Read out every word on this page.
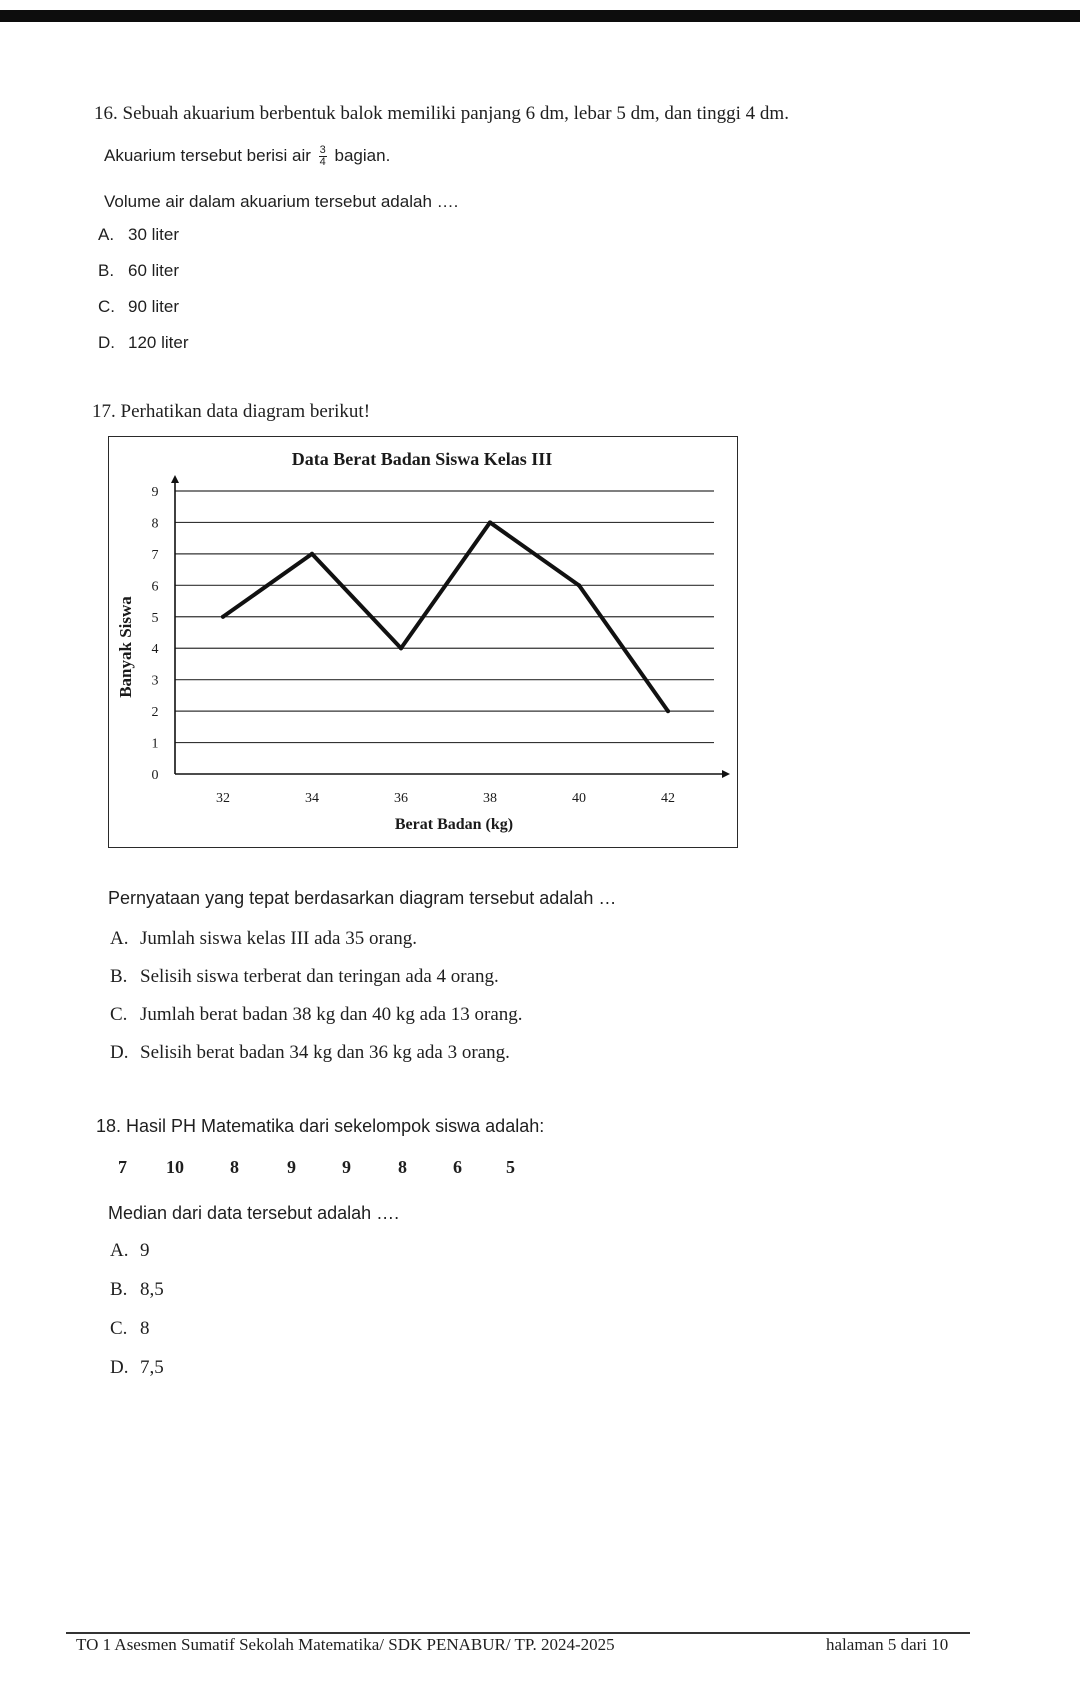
16. Sebuah akuarium berbentuk balok memiliki panjang 6 dm, lebar 5 dm, dan tinggi 4 dm.
Akuarium tersebut berisi air $\frac{3}{4}$ bagian.
Volume air dalam akuarium tersebut adalah ….
A. 30 liter
B. 60 liter
C. 90 liter
D. 120 liter
17. Perhatikan data diagram berikut!
Data Berat Badan Siswa Kelas III
0
1
2
3
4
5
6
7
8
9
32	34	36	38	40	42
Banyak Siswa
Berat Badan (kg)
Pernyataan yang tepat berdasarkan diagram tersebut adalah …
A. Jumlah siswa kelas III ada 35 orang.
B. Selisih siswa terberat dan teringan ada 4 orang.
C. Jumlah berat badan 38 kg dan 40 kg ada 13 orang.
D. Selisih berat badan 34 kg dan 36 kg ada 3 orang.
18. Hasil PH Matematika dari sekelompok siswa adalah:
7 10	8	9	9	8	6 5
Median dari data tersebut adalah ….
A. 9
B. 8,5
C. 8
D. 7,5
TO 1 Asesmen Sumatif Sekolah Matematika/ SDK PENABUR/ TP. 2024-2025	halaman 5 dari 10
